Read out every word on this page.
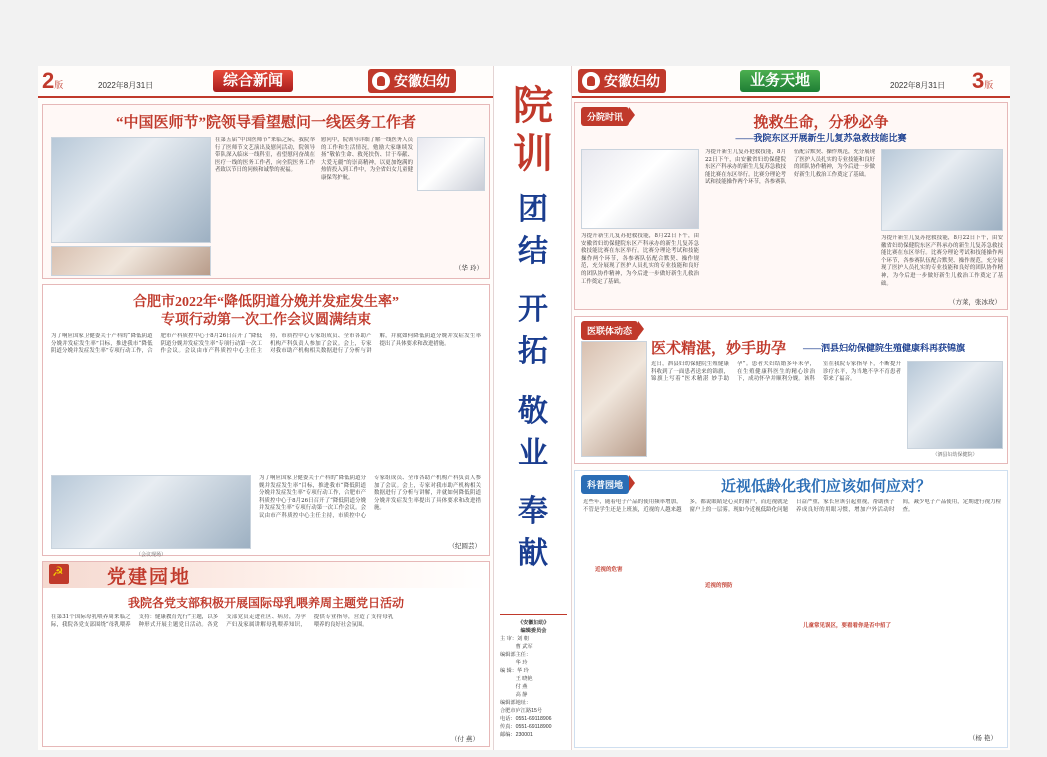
2版	2022年8月31日	综合新闻	安徽妇幼
“中国医师节”院领导看望慰问一线医务工作者
在第五届“中国医师节”来临之际，我院举行了医师节文艺演出及慰问活动，院领导带队深入临床一线科室，看望慰问奋战在医疗一线的医务工作者，向全院医务工作者致以节日的问候和诚挚的祝福。
慰问中，院领导详细了解一线医务人员的工作和生活情况，勉励大家继续发扬“敬佑生命、救死扶伤、甘于奉献、大爱无疆”的崇高精神，以更加饱满的热情投入到工作中，为全省妇女儿童健康保驾护航。
（华 玲）
合肥市2022年“降低阴道分娩并发症发生率”
专项行动第一次工作会议圆满结束
为了响应国家卫健委关于产科的“降低阴道分娩并发症发生率”目标，推进我市“降低阴道分娩并发症发生率”专项行动工作，合肥市产科质控中心于8月26日召开了“降低阴道分娩并发症发生率”专项行动第一次工作会议。会议由市产科质控中心主任主持，市质控中心专家组成员、全市各助产机构产科负责人参加了会议。会上，专家对我市助产机构相关数据进行了分析与讲解，并就如何降低阴道分娩并发症发生率提出了具体要求和改进措施。
（会议现场）
为了响应国家卫健委关于产科的“降低阴道分娩并发症发生率”目标，推进我市“降低阴道分娩并发症发生率”专项行动工作，合肥市产科质控中心于8月26日召开了“降低阴道分娩并发症发生率”专项行动第一次工作会议。会议由市产科质控中心主任主持，市质控中心专家组成员、全市各助产机构产科负责人参加了会议。会上，专家对我市助产机构相关数据进行了分析与讲解，并就如何降低阴道分娩并发症发生率提出了具体要求和改进措施。
（纪圆芸）
☭
党建园地
我院各党支部积极开展国际母乳喂养周主题党日活动
在第31个国际母乳喂养周来临之际，我院各党支部围绕“母乳喂养支持：健康教育先行”主题，以多种形式开展主题党日活动。各党支部党员走进社区、病房，为孕产妇及家属讲解母乳喂养知识，提供专业指导，营造了支持母乳喂养的良好社会氛围。
（付 燕）
院
训
团
结
开
拓
敬
业
奉
献
《安徽妇幼》
编辑委员会
主 审：刘 朝
　　　曹 武军
编辑部主任：
　　　华 玲
编 辑：华 玲
　　　王 晓艳
　　　付 燕
　　　高 静
编辑部地址：
合肥市庐江路15号
电话：0551-69118906
传真：0551-69118900
邮编：230001
安徽妇幼	业务天地	2022年8月31日 3版
分院时讯	挽救生命，分秒必争
——我院东区开展新生儿复苏急救技能比赛
为提升新生儿复苏抢救技能，8月22日下午，由安徽省妇幼保健院东区产科承办的新生儿复苏急救技能比赛在东区举行。比赛分理论考试和技能操作两个环节，各参赛队伍配合默契、操作规范，充分展现了医护人员扎实的专业技能和良好的团队协作精神，为今后进一步做好新生儿救治工作奠定了基础。
为提升新生儿复苏抢救技能，8月22日下午，由安徽省妇幼保健院东区产科承办的新生儿复苏急救技能比赛在东区举行。比赛分理论考试和技能操作两个环节，各参赛队伍配合默契、操作规范，充分展现了医护人员扎实的专业技能和良好的团队协作精神，为今后进一步做好新生儿救治工作奠定了基础。
为提升新生儿复苏抢救技能，8月22日下午，由安徽省妇幼保健院东区产科承办的新生儿复苏急救技能比赛在东区举行。比赛分理论考试和技能操作两个环节，各参赛队伍配合默契、操作规范，充分展现了医护人员扎实的专业技能和良好的团队协作精神，为今后进一步做好新生儿救治工作奠定了基础。
（方莱，张冰玫）
医联体动态
医术精湛，妙手助孕 ——泗县妇幼保健院生殖健康科再获锦旗
近日，泗县妇幼保健院生殖健康科收到了一面患者送来的锦旗，锦旗上写着“医术精湛 妙手助孕”。患者夫妇结婚多年未孕，在生殖健康科医生的精心诊治下，成功怀孕并顺利分娩。该科室在我院专家指导下，不断提升诊疗水平，为当地不孕不育患者带来了福音。
（泗县妇幼保健院）
科普园地	近视低龄化我们应该如何应对？
近些年，随着电子产品的使用频率增加，不管是学生还是上班族，近视的人越来越多，都说眼睛是心灵的窗户，而近视就是窗户上的一层雾。现如今近视低龄化问题日益严重，家长应该引起重视，帮助孩子养成良好的用眼习惯，增加户外活动时间，减少电子产品使用，定期进行视力检查。
近视的危害
近视的预防
儿童常见误区，要看看你是否中招了
（杨 艳）
